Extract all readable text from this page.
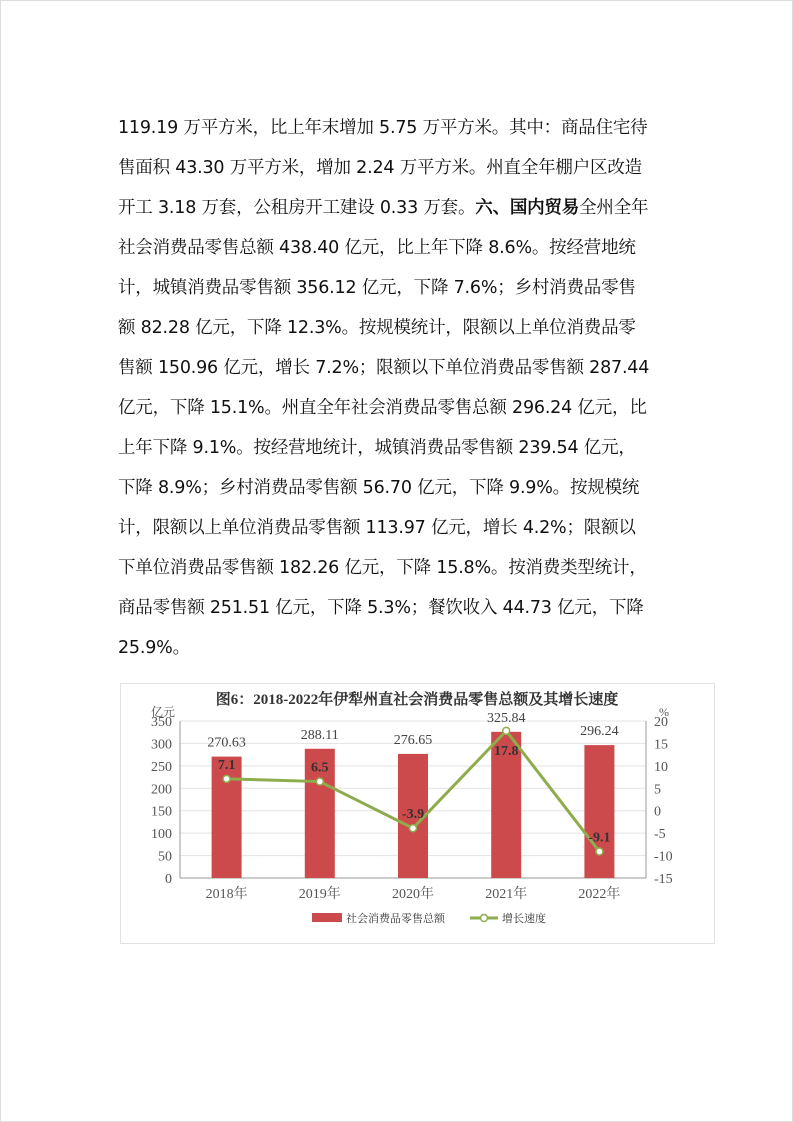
119.19 万平方米，比上年末增加 5.75 万平方米。其中：商品住宅待
售面积 43.30 万平方米，增加 2.24 万平方米。州直全年棚户区改造
开工 3.18 万套，公租房开工建设 0.33 万套。六、国内贸易全州全年
社会消费品零售总额 438.40 亿元，比上年下降 8.6%。按经营地统
计，城镇消费品零售额 356.12 亿元，下降 7.6%；乡村消费品零售
额 82.28 亿元，下降 12.3%。按规模统计，限额以上单位消费品零
售额 150.96 亿元，增长 7.2%；限额以下单位消费品零售额 287.44
亿元，下降 15.1%。州直全年社会消费品零售总额 296.24 亿元，比
上年下降 9.1%。按经营地统计，城镇消费品零售额 239.54 亿元，
下降 8.9%；乡村消费品零售额 56.70 亿元，下降 9.9%。按规模统
计，限额以上单位消费品零售额 113.97 亿元，增长 4.2%；限额以
下单位消费品零售额 182.26 亿元，下降 15.8%。按消费类型统计，
商品零售额 251.51 亿元，下降 5.3%；餐饮收入 44.73 亿元，下降
25.9%。
图6：2018-2022年伊犁州直社会消费品零售总额及其增长速度
亿元	%
0
50
100
150
200
250
300
350
-15
-10
-5
0
5
10
15
20
270.63
2018年
288.11
2019年
276.65
2020年
325.84
2021年
296.24
2022年
7.1	6.5
-3.9
17.8
-9.1
社会消费品零售总额	增长速度
